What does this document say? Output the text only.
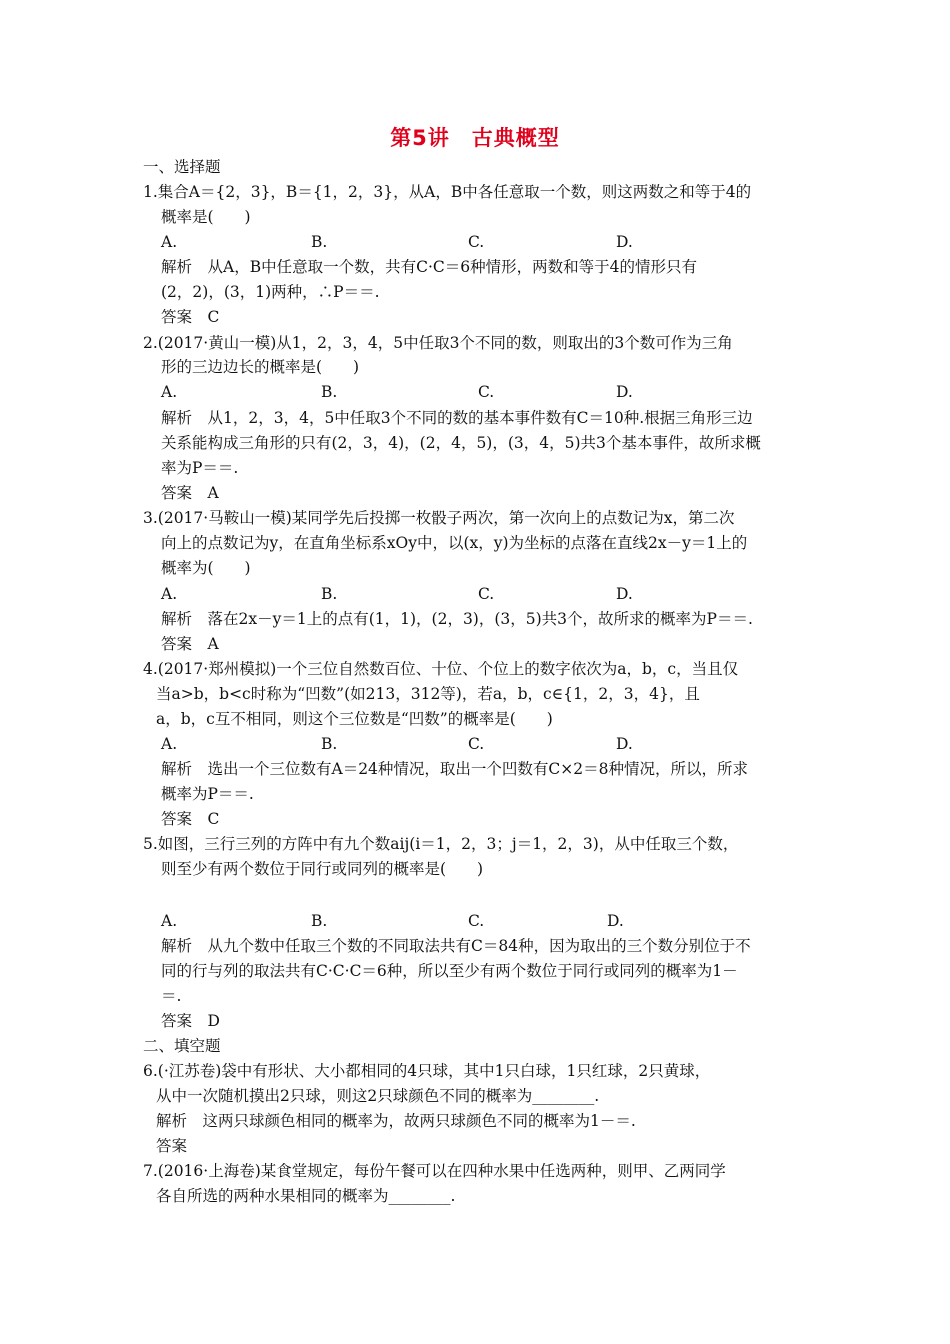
第5讲　古典概型
一、选择题
1.集合A＝{2，3}，B＝{1，2，3}，从A，B中各任意取一个数，则这两数之和等于4的
概率是(　　)
A.	B.	C.	D.
解析　从A，B中任意取一个数，共有C·C＝6种情形，两数和等于4的情形只有
(2，2)，(3，1)两种，∴P＝＝.
答案　C
2.(2017·黄山一模)从1，2，3，4，5中任取3个不同的数，则取出的3个数可作为三角
形的三边边长的概率是(　　)
A.	B.	C.	D.
解析　从1，2，3，4，5中任取3个不同的数的基本事件数有C＝10种.根据三角形三边
关系能构成三角形的只有(2，3，4)，(2，4，5)，(3，4，5)共3个基本事件，故所求概
率为P＝＝.
答案　A
3.(2017·马鞍山一模)某同学先后投掷一枚骰子两次，第一次向上的点数记为x，第二次
向上的点数记为y，在直角坐标系xOy中，以(x，y)为坐标的点落在直线2x－y＝1上的
概率为(　　)
A.	B.	C.	D.
解析　落在2x－y＝1上的点有(1，1)，(2，3)，(3，5)共3个，故所求的概率为P＝＝.
答案　A
4.(2017·郑州模拟)一个三位自然数百位、十位、个位上的数字依次为a，b，c，当且仅
当a>b，b<c时称为“凹数”(如213，312等)，若a，b，c∈{1，2，3，4}，且
a，b，c互不相同，则这个三位数是“凹数”的概率是(　　)
A.	B.	C.	D.
解析　选出一个三位数有A＝24种情况，取出一个凹数有C×2＝8种情况，所以，所求
概率为P＝＝.
答案　C
5.如图，三行三列的方阵中有九个数aij(i＝1，2，3；j＝1，2，3)，从中任取三个数，
则至少有两个数位于同行或同列的概率是(　　)
A.	B.	C.	D.
解析　从九个数中任取三个数的不同取法共有C＝84种，因为取出的三个数分别位于不
同的行与列的取法共有C·C·C＝6种，所以至少有两个数位于同行或同列的概率为1－
＝.
答案　D
二、填空题
6.(·江苏卷)袋中有形状、大小都相同的4只球，其中1只白球，1只红球，2只黄球，
从中一次随机摸出2只球，则这2只球颜色不同的概率为________.
解析　这两只球颜色相同的概率为，故两只球颜色不同的概率为1－＝.
答案
7.(2016·上海卷)某食堂规定，每份午餐可以在四种水果中任选两种，则甲、乙两同学
各自所选的两种水果相同的概率为________.
